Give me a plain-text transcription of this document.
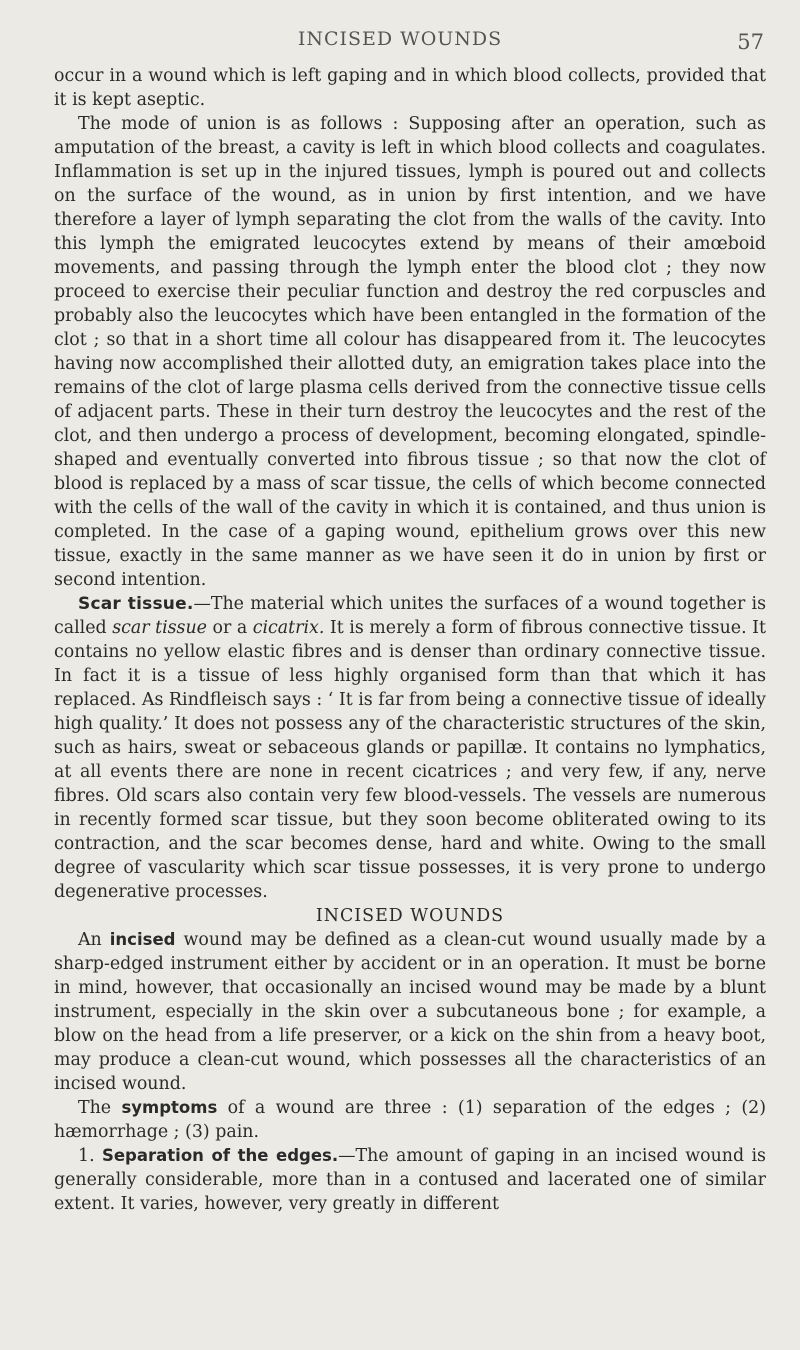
INCISED WOUNDS	57

occur in a wound which is left gaping and in which blood collects, provided that it is kept aseptic.

The mode of union is as follows : Supposing after an operation, such as amputation of the breast, a cavity is left in which blood collects and coagulates. Inflammation is set up in the injured tissues, lymph is poured out and collects on the surface of the wound, as in union by first intention, and we have therefore a layer of lymph separating the clot from the walls of the cavity. Into this lymph the emigrated leucocytes extend by means of their amœboid movements, and passing through the lymph enter the blood clot ; they now proceed to exercise their peculiar function and destroy the red corpuscles and probably also the leucocytes which have been entangled in the formation of the clot ; so that in a short time all colour has disappeared from it. The leucocytes having now accomplished their allotted duty, an emigration takes place into the remains of the clot of large plasma cells derived from the connective tissue cells of adjacent parts. These in their turn destroy the leucocytes and the rest of the clot, and then undergo a process of development, becoming elongated, spindle-shaped and eventually converted into fibrous tissue ; so that now the clot of blood is replaced by a mass of scar tissue, the cells of which become connected with the cells of the wall of the cavity in which it is contained, and thus union is completed. In the case of a gaping wound, epithelium grows over this new tissue, exactly in the same manner as we have seen it do in union by first or second intention.

Scar tissue.—The material which unites the surfaces of a wound together is called scar tissue or a cicatrix. It is merely a form of fibrous connective tissue. It contains no yellow elastic fibres and is denser than ordinary connective tissue. In fact it is a tissue of less highly organised form than that which it has replaced. As Rindfleisch says : ‘ It is far from being a connective tissue of ideally high quality.’ It does not possess any of the characteristic structures of the skin, such as hairs, sweat or sebaceous glands or papillæ. It contains no lymphatics, at all events there are none in recent cicatrices ; and very few, if any, nerve fibres. Old scars also contain very few blood-vessels. The vessels are numerous in recently formed scar tissue, but they soon become obliterated owing to its contraction, and the scar becomes dense, hard and white. Owing to the small degree of vascularity which scar tissue possesses, it is very prone to undergo degenerative processes.

INCISED WOUNDS

An incised wound may be defined as a clean-cut wound usually made by a sharp-edged instrument either by accident or in an operation. It must be borne in mind, however, that occasionally an incised wound may be made by a blunt instrument, especially in the skin over a subcutaneous bone ; for example, a blow on the head from a life preserver, or a kick on the shin from a heavy boot, may produce a clean-cut wound, which possesses all the characteristics of an incised wound.

The symptoms of a wound are three : (1) separation of the edges ; (2) hæmorrhage ; (3) pain.

1. Separation of the edges.—The amount of gaping in an incised wound is generally considerable, more than in a contused and lacerated one of similar extent. It varies, however, very greatly in different
